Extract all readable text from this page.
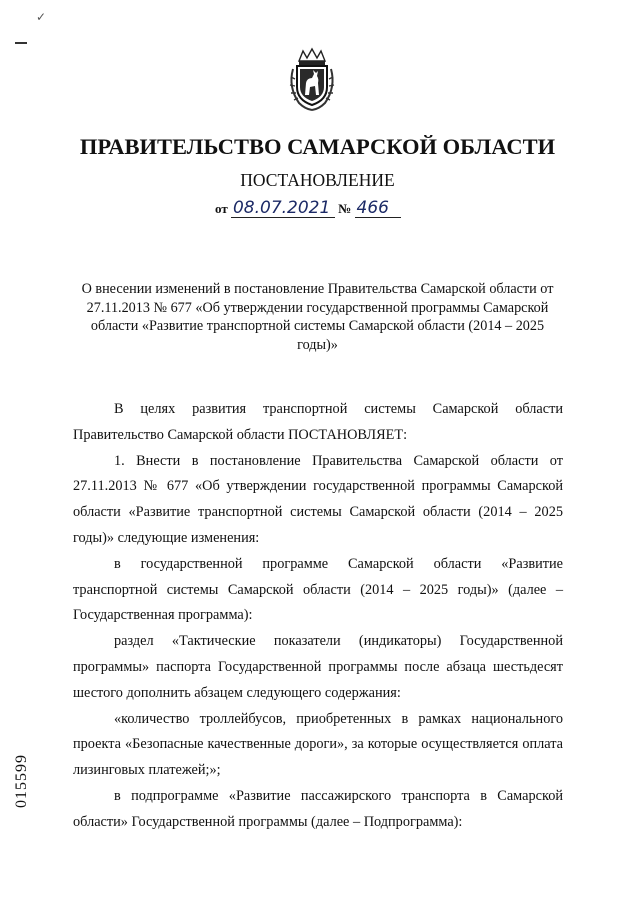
✓
ПРАВИТЕЛЬСТВО САМАРСКОЙ ОБЛАСТИ
ПОСТАНОВЛЕНИЕ
от 08.07.2021 № 466
О внесении изменений в постановление Правительства Самарской области от 27.11.2013 № 677 «Об утверждении государственной программы Самарской области «Развитие транспортной системы Самарской области (2014 – 2025 годы)»

В целях развития транспортной системы Самарской области Правительство Самарской области ПОСТАНОВЛЯЕТ:

1. Внести в постановление Правительства Самарской области от 27.11.2013 № 677 «Об утверждении государственной программы Самарской области «Развитие транспортной системы Самарской области (2014 – 2025 годы)» следующие изменения:

в государственной программе Самарской области «Развитие транспортной системы Самарской области (2014 – 2025 годы)» (далее – Государственная программа):

раздел «Тактические показатели (индикаторы) Государственной программы» паспорта Государственной программы после абзаца шестьдесят шестого дополнить абзацем следующего содержания:

«количество троллейбусов, приобретенных в рамках национального проекта «Безопасные качественные дороги», за которые осуществляется оплата лизинговых платежей;»;

в подпрограмме «Развитие пассажирского транспорта в Самарской области» Государственной программы (далее – Подпрограмма):

015599
